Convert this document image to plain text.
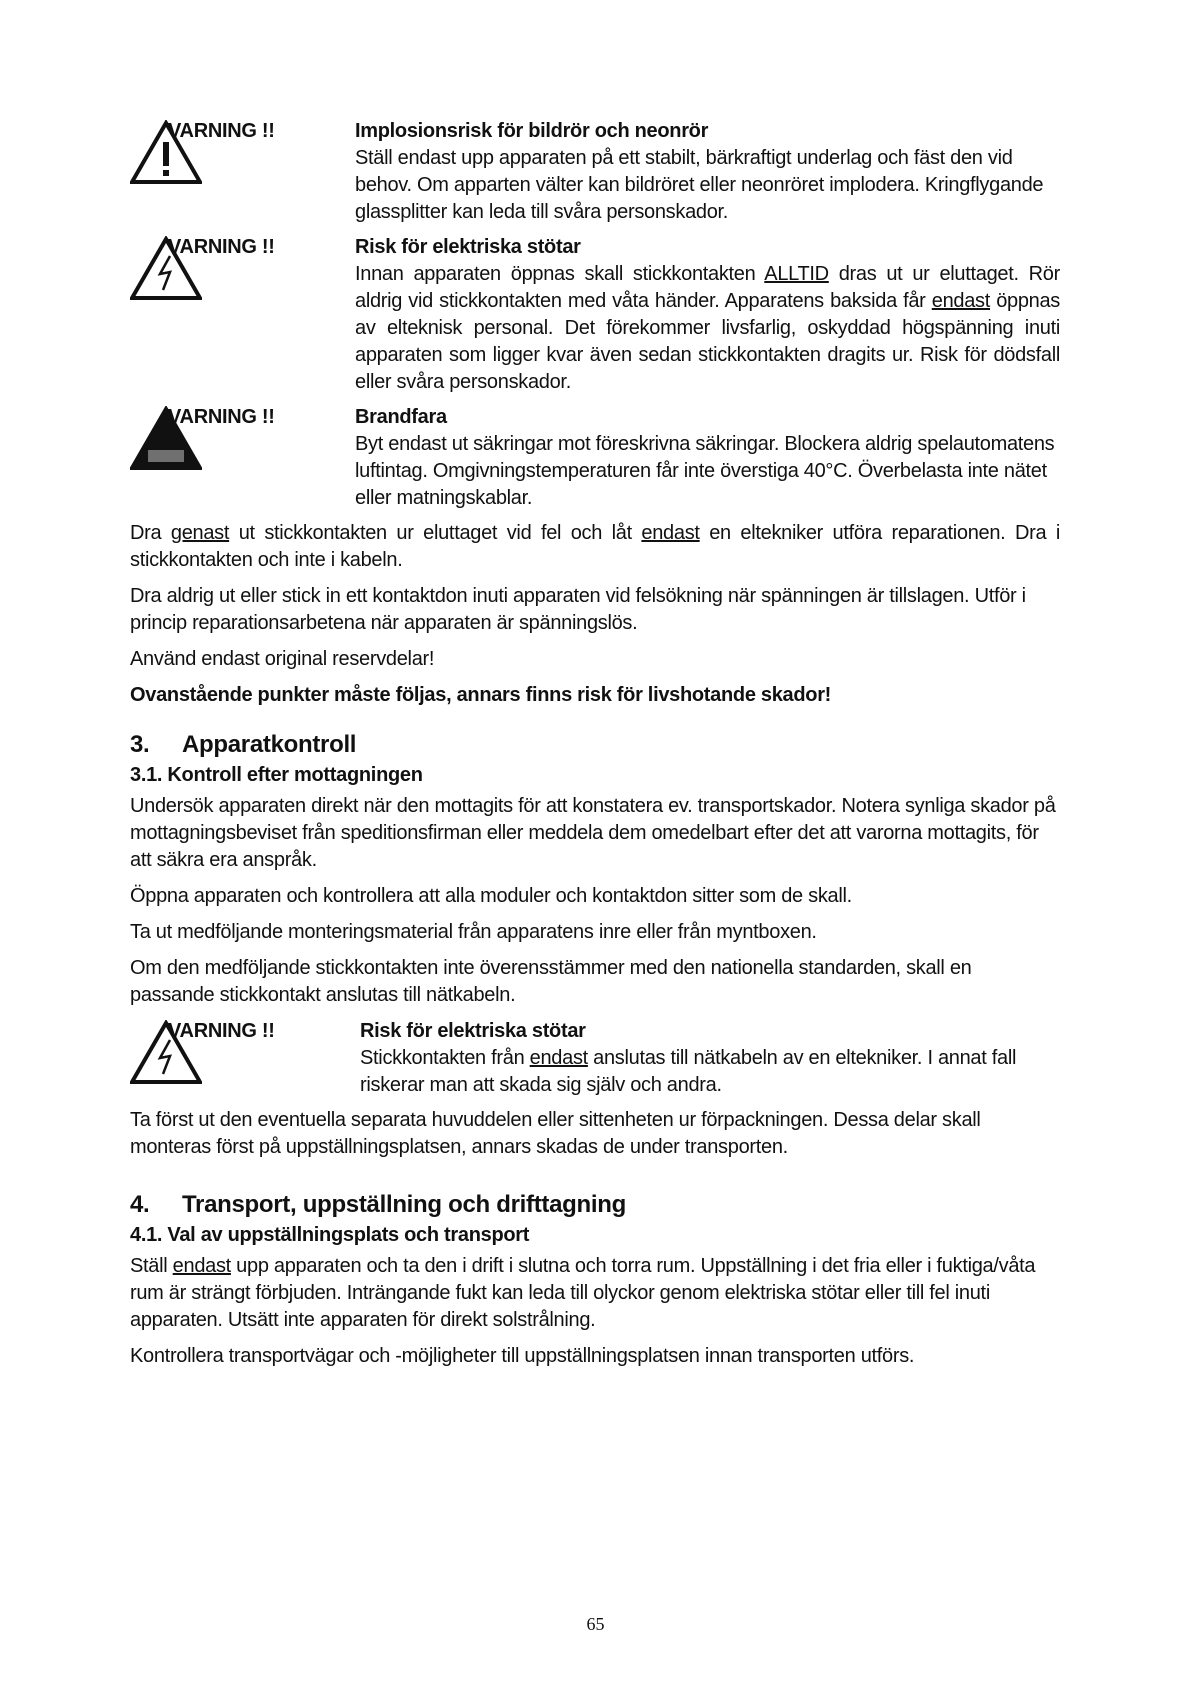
VARNING !!	Implosionsrisk för bildrör och neonrör
Ställ endast upp apparaten på ett stabilt, bärkraftigt underlag och fäst den vid behov. Om apparten välter kan bildröret eller neonröret implodera. Kringflygande glassplitter kan leda till svåra personskador.
VARNING !!	Risk för elektriska stötar
Innan apparaten öppnas skall stickkontakten ALLTID dras ut ur eluttaget. Rör aldrig vid stickkontakten med våta händer. Apparatens baksida får endast öppnas av elteknisk personal. Det förekommer livsfarlig, oskyddad högspänning inuti apparaten som ligger kvar även sedan stickkontakten dragits ur. Risk för dödsfall eller svåra personskador.
VARNING !!	Brandfara
Byt endast ut säkringar mot föreskrivna säkringar. Blockera aldrig spelautomatens luftintag. Omgivningstemperaturen får inte överstiga 40°C. Överbelasta inte nätet eller matningskablar.

Dra genast ut stickkontakten ur eluttaget vid fel och låt endast en eltekniker utföra reparationen. Dra i stickkontakten och inte i kabeln.

Dra aldrig ut eller stick in ett kontaktdon inuti apparaten vid felsökning när spänningen är tillslagen. Utför i princip reparationsarbetena när apparaten är spänningslös.

Använd endast original reservdelar!

Ovanstående punkter måste följas, annars finns risk för livshotande skador!

3. Apparatkontroll
3.1. Kontroll efter mottagningen

Undersök apparaten direkt när den mottagits för att konstatera ev. transportskador. Notera synliga skador på mottagningsbeviset från speditionsfirman eller meddela dem omedelbart efter det att varorna mottagits, för att säkra era anspråk.

Öppna apparaten och kontrollera att alla moduler och kontaktdon sitter som de skall.

Ta ut medföljande monteringsmaterial från apparatens inre eller från myntboxen.

Om den medföljande stickkontakten inte överensstämmer med den nationella standarden, skall en passande stickkontakt anslutas till nätkabeln.

VARNING !!	Risk för elektriska stötar
Stickkontakten från endast anslutas till nätkabeln av en eltekniker. I annat fall riskerar man att skada sig själv och andra.

Ta först ut den eventuella separata huvuddelen eller sittenheten ur förpackningen. Dessa delar skall monteras först på uppställningsplatsen, annars skadas de under transporten.

4. Transport, uppställning och drifttagning
4.1. Val av uppställningsplats och transport

Ställ endast upp apparaten och ta den i drift i slutna och torra rum. Uppställning i det fria eller i fuktiga/våta rum är strängt förbjuden. Inträngande fukt kan leda till olyckor genom elektriska stötar eller till fel inuti apparaten. Utsätt inte apparaten för direkt solstrålning.

Kontrollera transportvägar och -möjligheter till uppställningsplatsen innan transporten utförs.

65
